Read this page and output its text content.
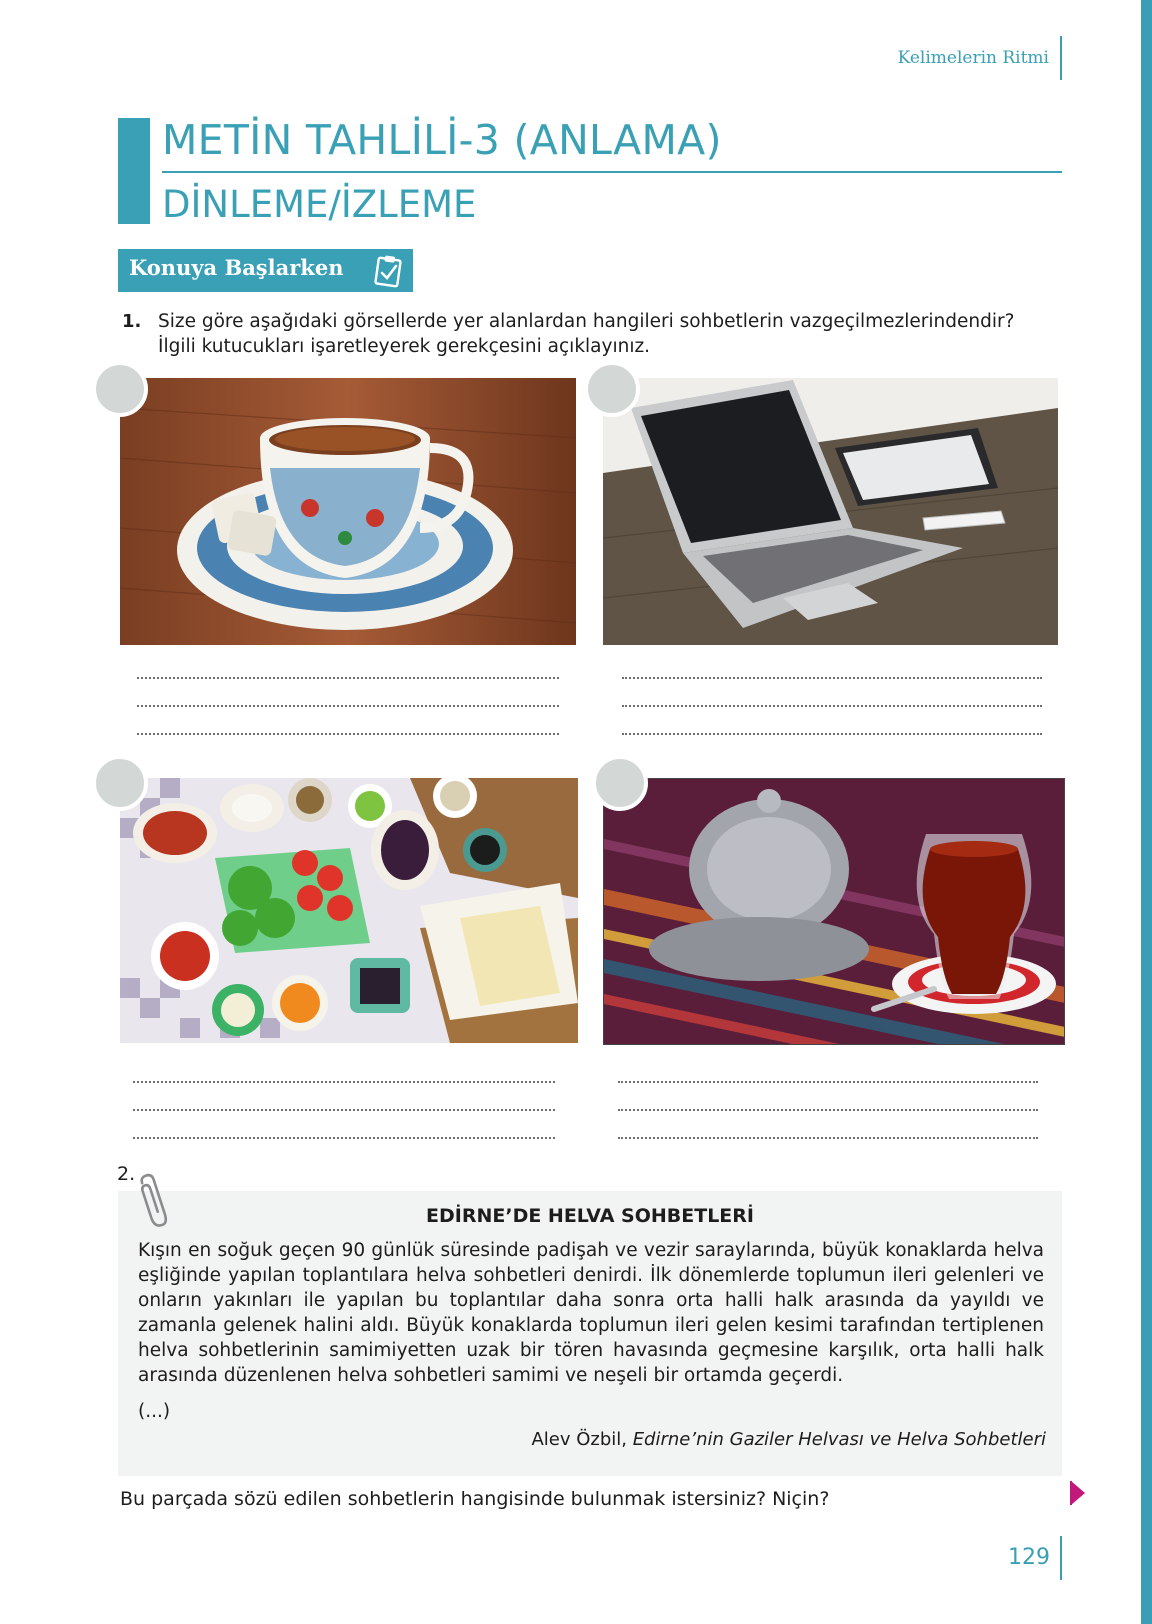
Kelimelerin Ritmi
METİN TAHLİLİ-3 (ANLAMA)
DİNLEME/İZLEME
Konuya Başlarken
1. Size göre aşağıdaki görsellerde yer alanlardan hangileri sohbetlerin vazgeçilmezlerindendir? İlgili kutucukları işaretleyerek gerekçesini açıklayınız.
2.
EDİRNE’DE HELVA SOHBETLERİ
Kışın en soğuk geçen 90 günlük süresinde padişah ve vezir saraylarında, büyük konaklarda helva eşliğinde yapılan toplantılara helva sohbetleri denirdi. İlk dönemlerde toplumun ileri gelenleri ve onların yakınları ile yapılan bu toplantılar daha sonra orta halli halk arasında da yayıldı ve zamanla gelenek halini aldı. Büyük konaklarda toplumun ileri gelen kesimi tarafından tertiplenen helva sohbetlerinin samimiyetten uzak bir tören havasında geçmesine karşılık, orta halli halk arasında düzenlenen helva sohbetleri samimi ve neşeli bir ortamda geçerdi.
(...)
Alev Özbil, Edirne’nin Gaziler Helvası ve Helva Sohbetleri
Bu parçada sözü edilen sohbetlerin hangisinde bulunmak istersiniz? Niçin?
129
